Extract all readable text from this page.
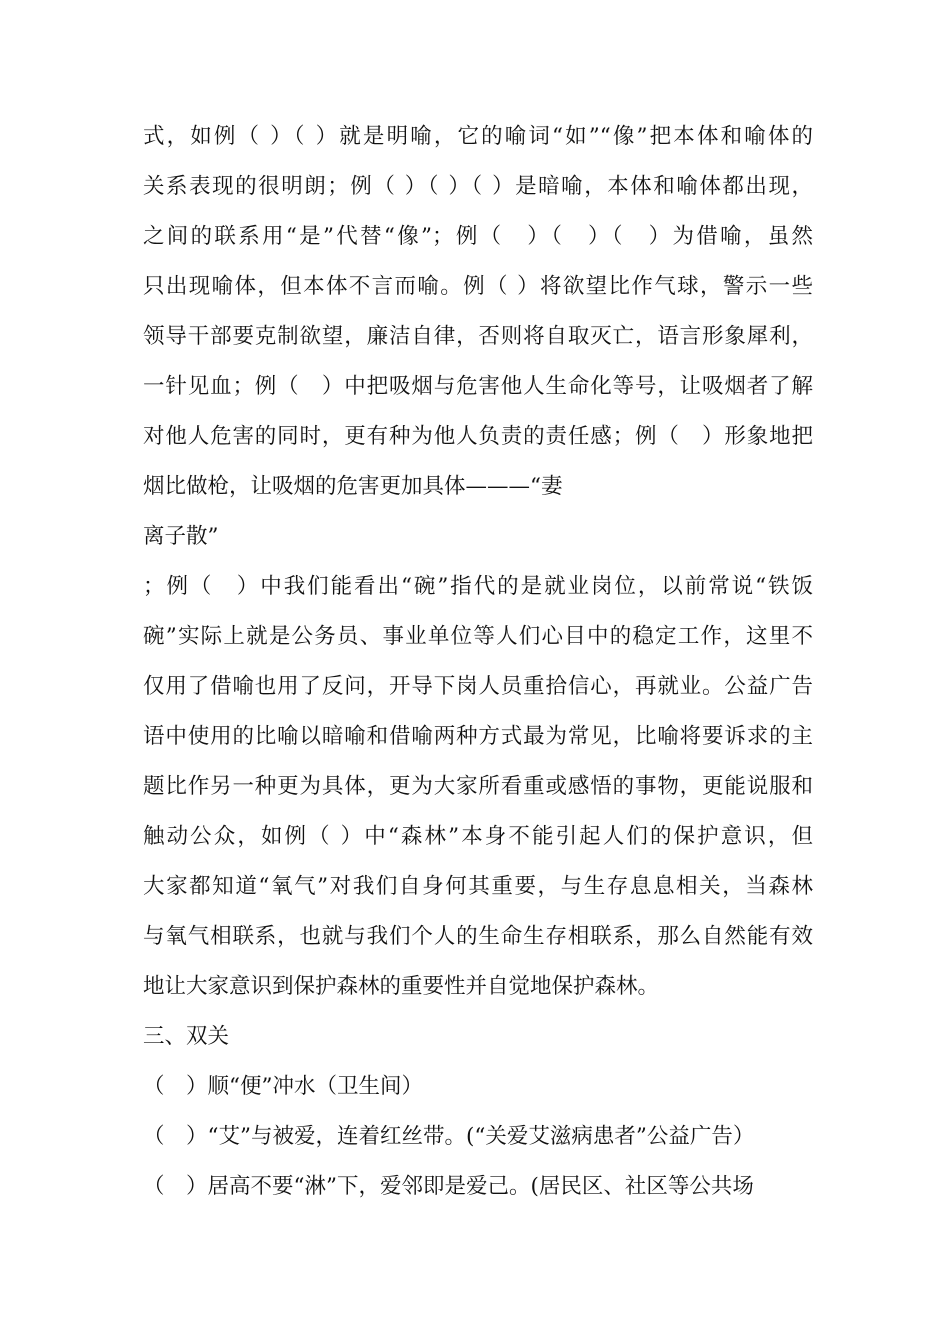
式，如例（ ）（ ）就是明喻，它的喻词“如”“像”把本体和喻体的
关系表现的很明朗；例（ ）（ ）（ ）是暗喻，本体和喻体都出现，
之间的联系用“是”代替“像”；例（　）（　）（　）为借喻，虽然
只出现喻体，但本体不言而喻。例（ ）将欲望比作气球，警示一些
领导干部要克制欲望，廉洁自律，否则将自取灭亡，语言形象犀利，
一针见血；例（　）中把吸烟与危害他人生命化等号，让吸烟者了解
对他人危害的同时，更有种为他人负责的责任感；例（　）形象地把
烟比做枪，让吸烟的危害更加具体———“妻
离子散”
；例（　）中我们能看出“碗”指代的是就业岗位，以前常说“铁饭
碗”实际上就是公务员、事业单位等人们心目中的稳定工作，这里不
仅用了借喻也用了反问，开导下岗人员重拾信心，再就业。公益广告
语中使用的比喻以暗喻和借喻两种方式最为常见，比喻将要诉求的主
题比作另一种更为具体，更为大家所看重或感悟的事物，更能说服和
触动公众，如例（ ）中“森林”本身不能引起人们的保护意识，但
大家都知道“氧气”对我们自身何其重要，与生存息息相关，当森林
与氧气相联系，也就与我们个人的生命生存相联系，那么自然能有效
地让大家意识到保护森林的重要性并自觉地保护森林。
三、双关
（　）顺“便”冲水（卫生间）
（　）“艾”与被爱，连着红丝带。(“关爱艾滋病患者”公益广告）
（　）居高不要“淋”下，爱邻即是爱己。(居民区、社区等公共场
